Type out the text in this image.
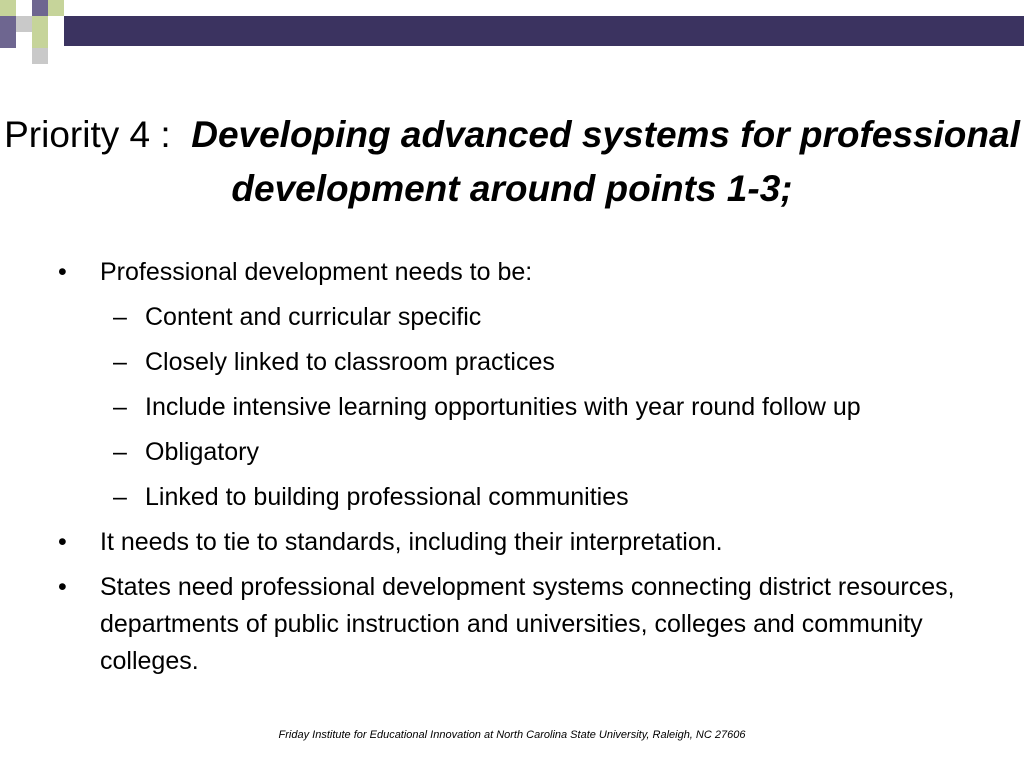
Priority 4 :  Developing advanced systems for professional development around points 1-3;
• Professional development needs to be:
– Content and curricular specific
– Closely linked to classroom practices
– Include intensive learning opportunities with year round follow up
– Obligatory
– Linked to building professional communities
• It needs to tie to standards, including their interpretation.
• States need professional development systems connecting district resources, departments of public instruction and universities, colleges and community colleges.
Friday Institute for Educational Innovation at North Carolina State University, Raleigh, NC 27606
